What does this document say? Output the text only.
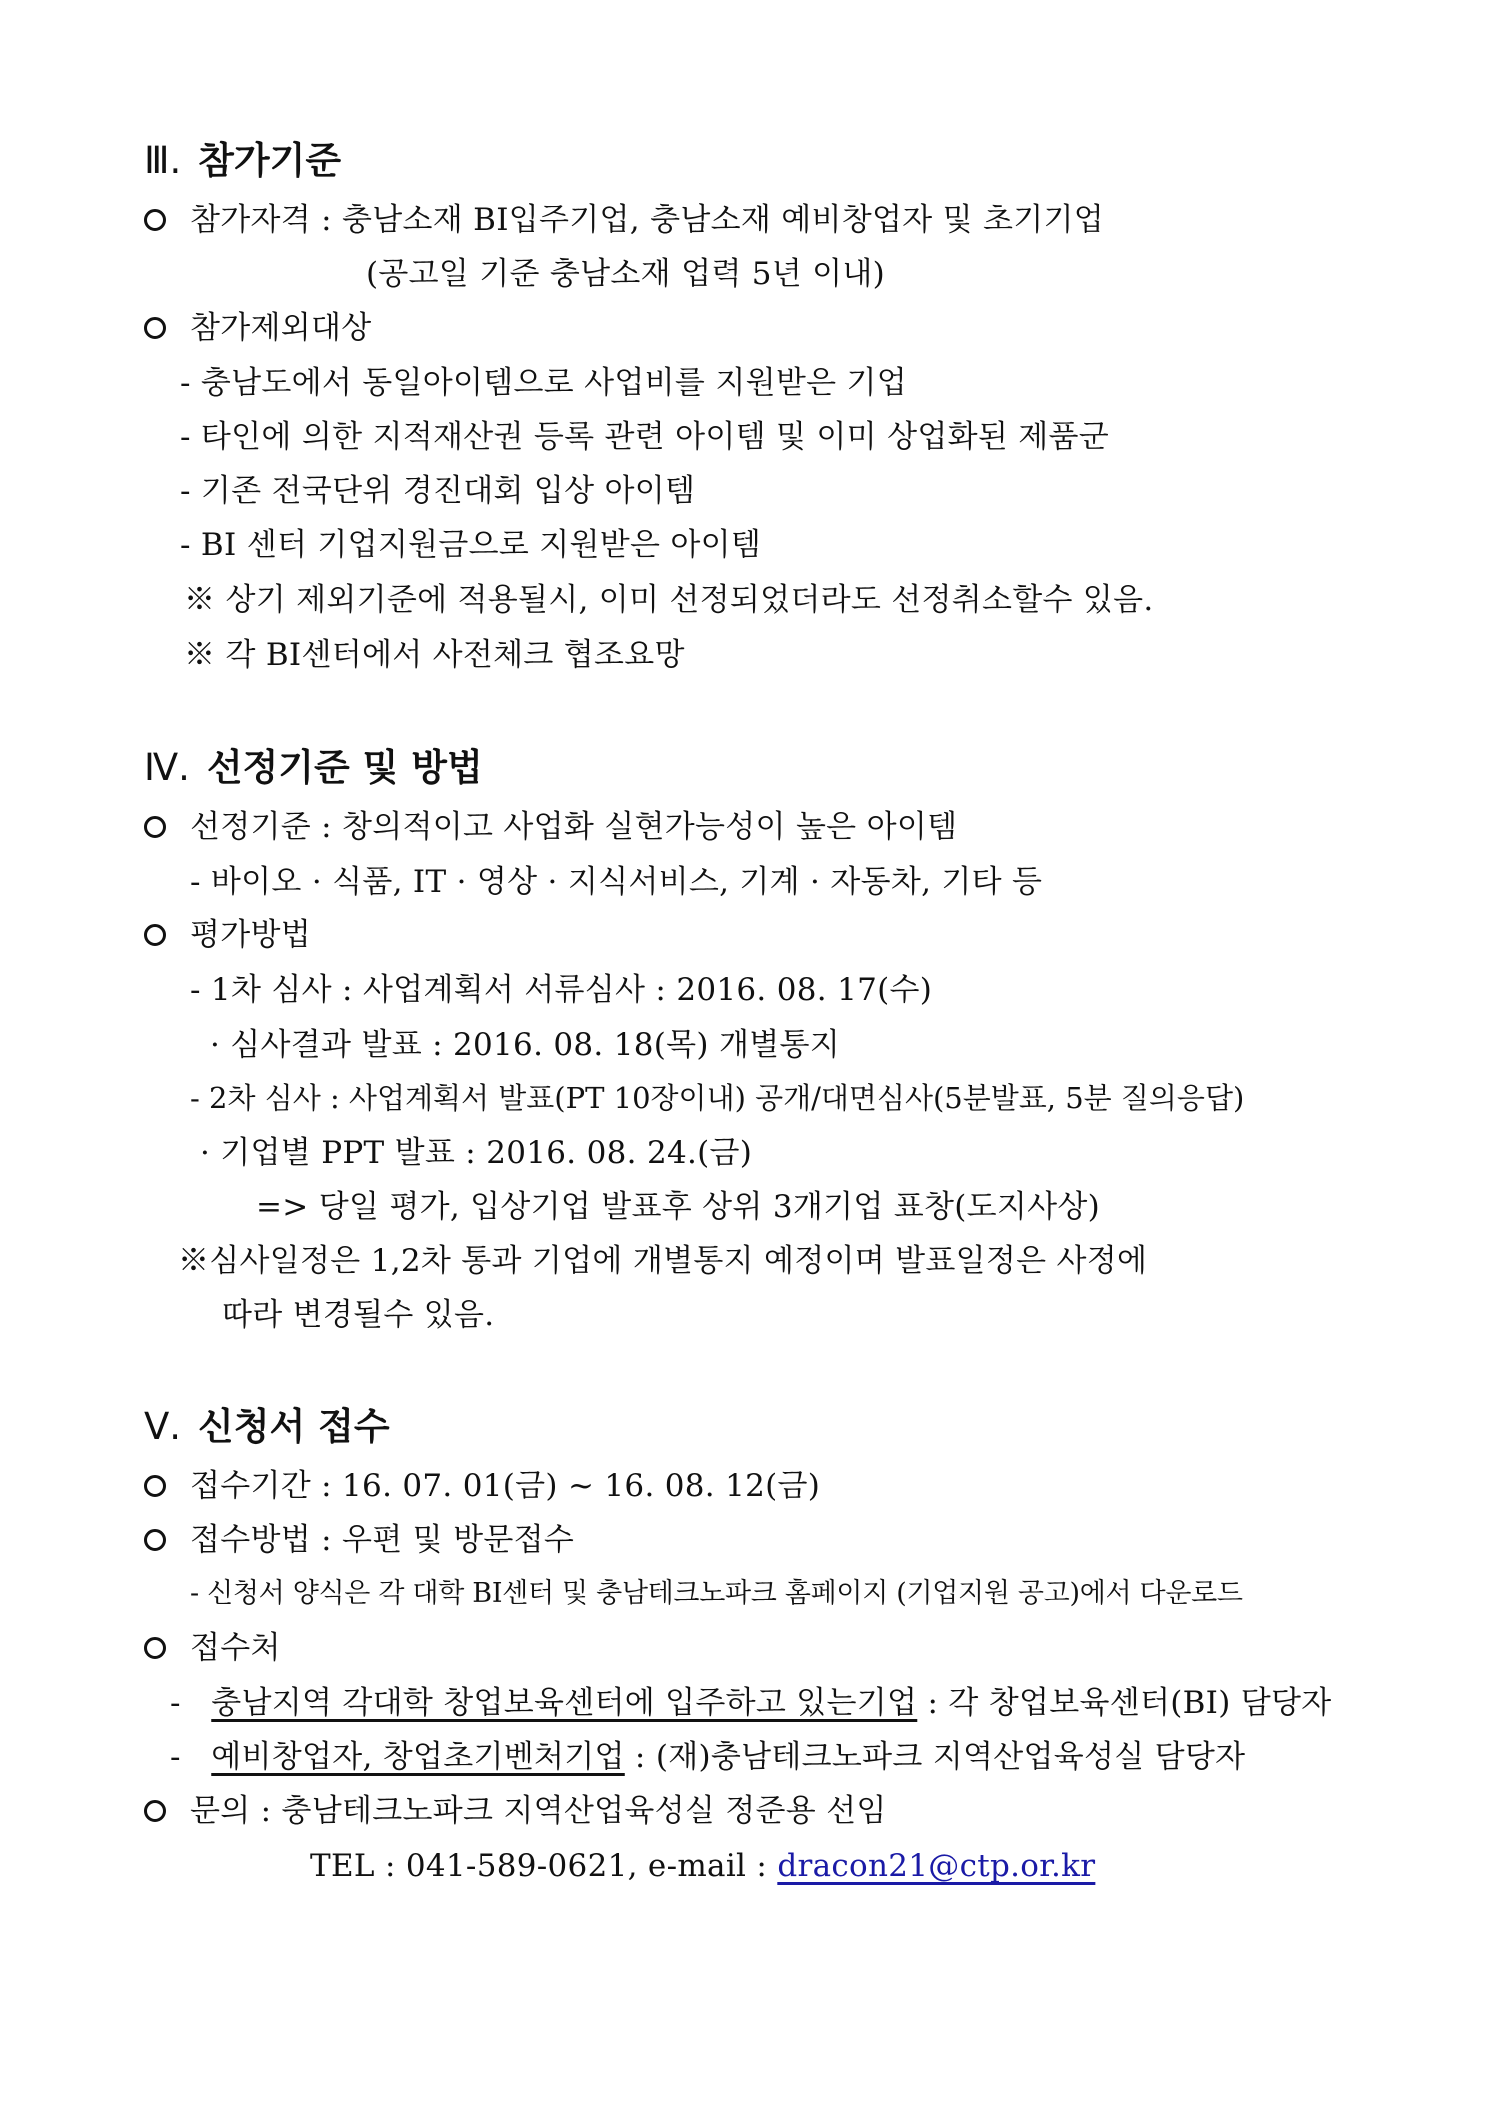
Ⅲ. 참가기준
참가자격 : 충남소재 BI입주기업, 충남소재 예비창업자 및 초기기업
(공고일 기준 충남소재 업력 5년 이내)
참가제외대상
- 충남도에서 동일아이템으로 사업비를 지원받은 기업
- 타인에 의한 지적재산권 등록 관련 아이템 및 이미 상업화된 제품군
- 기존 전국단위 경진대회 입상 아이템
- BI 센터 기업지원금으로 지원받은 아이템
※ 상기 제외기준에 적용될시, 이미 선정되었더라도 선정취소할수 있음.
※ 각 BI센터에서 사전체크 협조요망
Ⅳ. 선정기준 및 방법
선정기준 : 창의적이고 사업화 실현가능성이 높은 아이템
- 바이오 · 식품, IT · 영상 · 지식서비스, 기계 · 자동차, 기타 등
평가방법
- 1차 심사 : 사업계획서 서류심사 : 2016. 08. 17(수)
· 심사결과 발표 : 2016. 08. 18(목) 개별통지
- 2차 심사 : 사업계획서 발표(PT 10장이내) 공개/대면심사(5분발표, 5분 질의응답)
· 기업별 PPT 발표 : 2016. 08. 24.(금)
=> 당일 평가, 입상기업 발표후 상위 3개기업 표창(도지사상)
※심사일정은 1,2차 통과 기업에 개별통지 예정이며 발표일정은 사정에
따라 변경될수 있음.
Ⅴ. 신청서 접수
접수기간 : 16. 07. 01(금) ~ 16. 08. 12(금)
접수방법 : 우편 및 방문접수
- 신청서 양식은 각 대학 BI센터 및 충남테크노파크 홈페이지 (기업지원 공고)에서 다운로드
접수처
- 충남지역 각대학 창업보육센터에 입주하고 있는기업 : 각 창업보육센터(BI) 담당자
- 예비창업자, 창업초기벤처기업 : (재)충남테크노파크 지역산업육성실 담당자
문의 : 충남테크노파크 지역산업육성실 정준용 선임
TEL : 041-589-0621, e-mail : dracon21@ctp.or.kr
